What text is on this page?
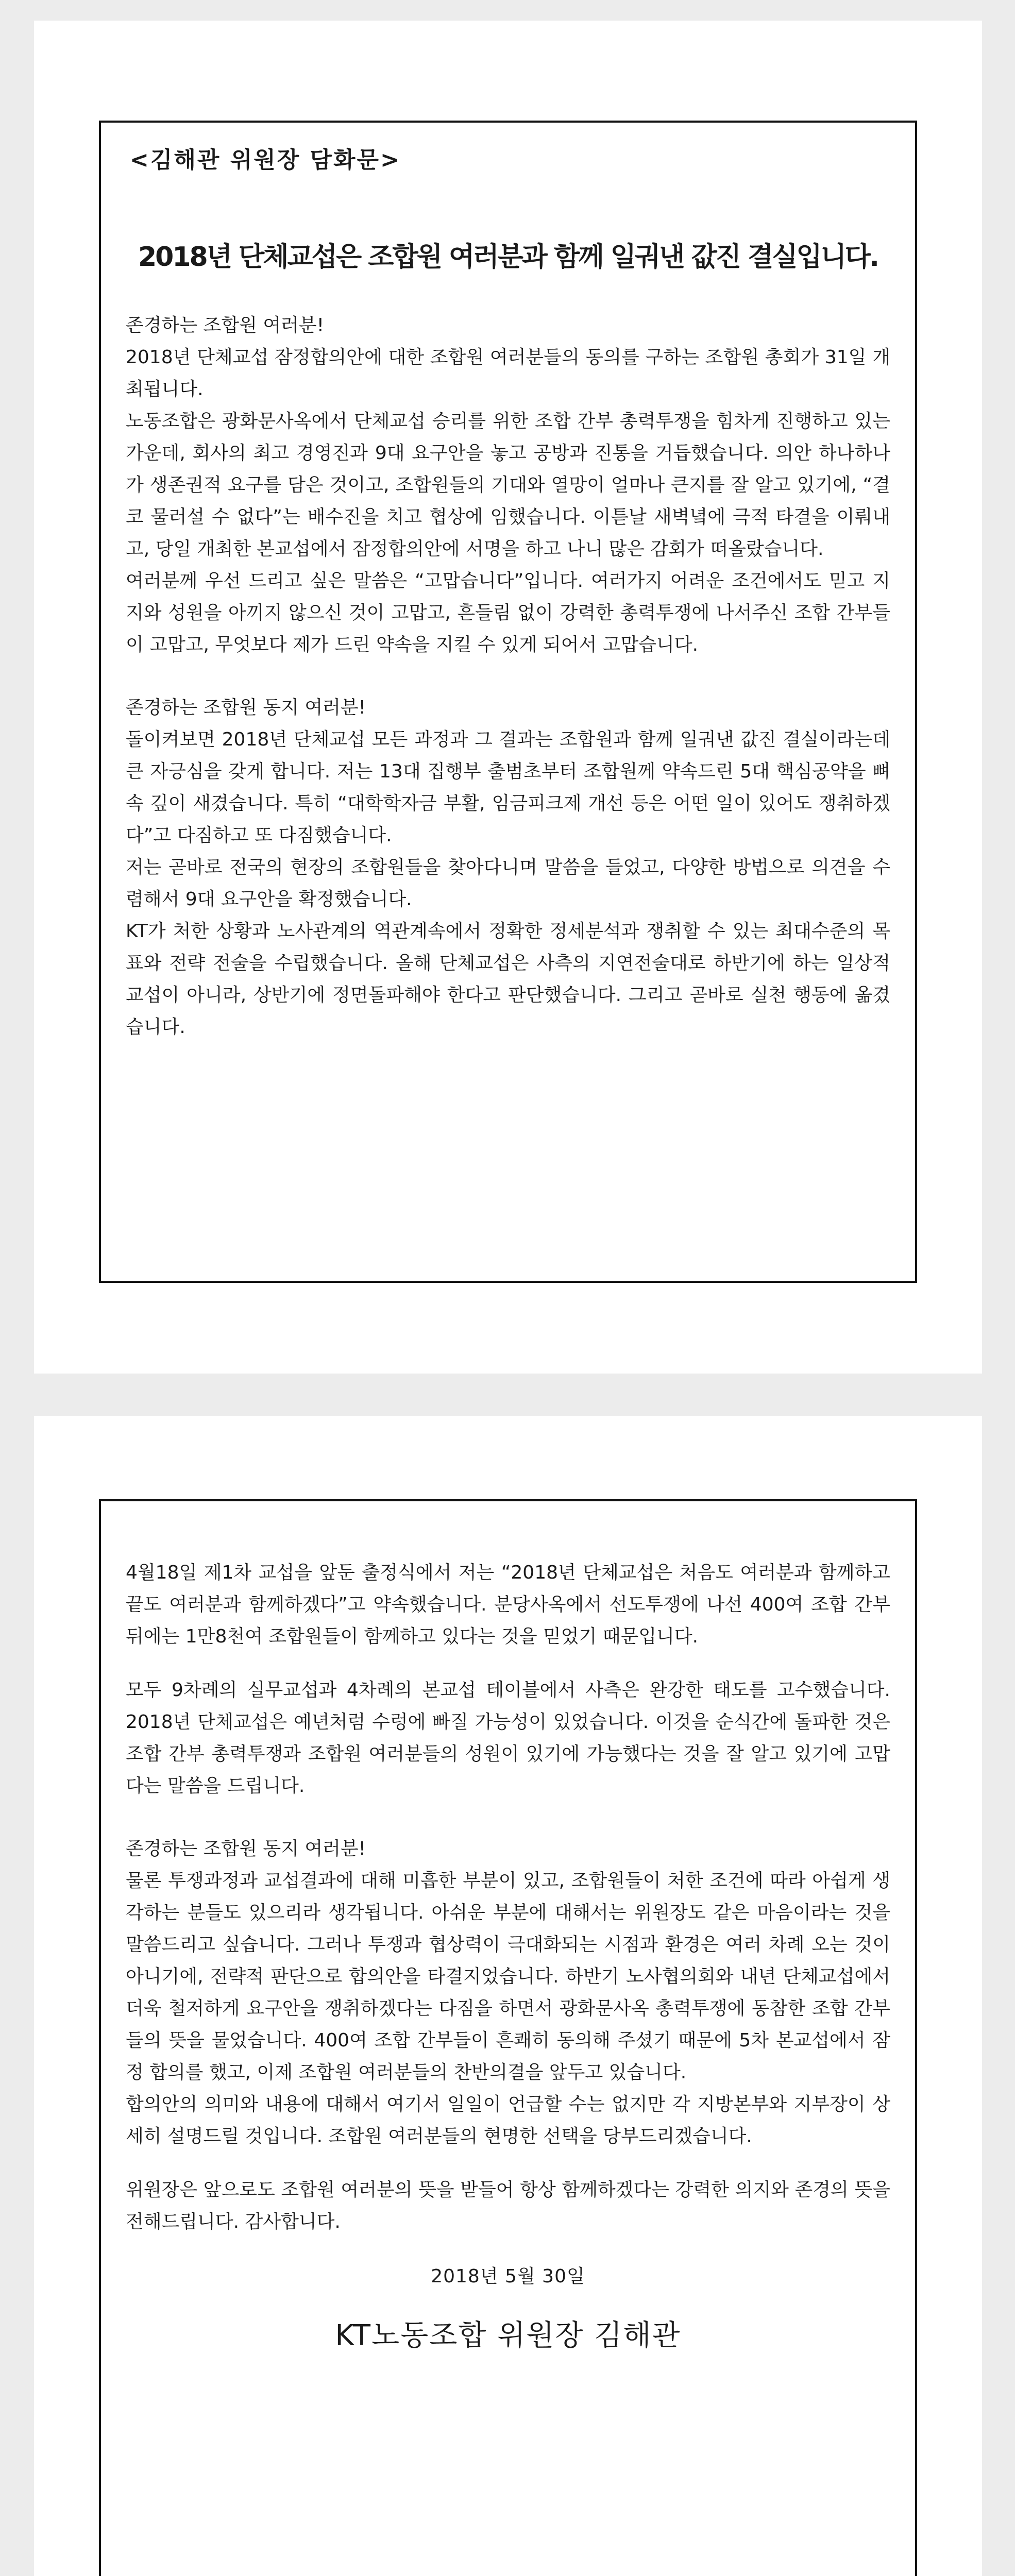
<김해관 위원장 담화문>
2018년 단체교섭은 조합원 여러분과 함께 일궈낸 값진 결실입니다.

존경하는 조합원 여러분!

2018년 단체교섭 잠정합의안에 대한 조합원 여러분들의 동의를 구하는 조합원 총회가 31일 개최됩니다.

노동조합은 광화문사옥에서 단체교섭 승리를 위한 조합 간부 총력투쟁을 힘차게 진행하고 있는 가운데, 회사의 최고 경영진과 9대 요구안을 놓고 공방과 진통을 거듭했습니다. 의안 하나하나가 생존권적 요구를 담은 것이고, 조합원들의 기대와 열망이 얼마나 큰지를 잘 알고 있기에, “결코 물러설 수 없다”는 배수진을 치고 협상에 임했습니다. 이튿날 새벽녘에 극적 타결을 이뤄내고, 당일 개최한 본교섭에서 잠정합의안에 서명을 하고 나니 많은 감회가 떠올랐습니다.

여러분께 우선 드리고 싶은 말씀은 “고맙습니다”입니다. 여러가지 어려운 조건에서도 믿고 지지와 성원을 아끼지 않으신 것이 고맙고, 흔들림 없이 강력한 총력투쟁에 나서주신 조합 간부들이 고맙고, 무엇보다 제가 드린 약속을 지킬 수 있게 되어서 고맙습니다.

존경하는 조합원 동지 여러분!

돌이켜보면 2018년 단체교섭 모든 과정과 그 결과는 조합원과 함께 일궈낸 값진 결실이라는데 큰 자긍심을 갖게 합니다. 저는 13대 집행부 출범초부터 조합원께 약속드린 5대 핵심공약을 뼈속 깊이 새겼습니다. 특히 “대학학자금 부활, 임금피크제 개선 등은 어떤 일이 있어도 쟁취하겠다”고 다짐하고 또 다짐했습니다.

저는 곧바로 전국의 현장의 조합원들을 찾아다니며 말씀을 들었고, 다양한 방법으로 의견을 수렴해서 9대 요구안을 확정했습니다.

KT가 처한 상황과 노사관계의 역관계속에서 정확한 정세분석과 쟁취할 수 있는 최대수준의 목표와 전략 전술을 수립했습니다. 올해 단체교섭은 사측의 지연전술대로 하반기에 하는 일상적 교섭이 아니라, 상반기에 정면돌파해야 한다고 판단했습니다. 그리고 곧바로 실천 행동에 옮겼습니다.

4월18일 제1차 교섭을 앞둔 출정식에서 저는 “2018년 단체교섭은 처음도 여러분과 함께하고 끝도 여러분과 함께하겠다”고 약속했습니다. 분당사옥에서 선도투쟁에 나선 400여 조합 간부 뒤에는 1만8천여 조합원들이 함께하고 있다는 것을 믿었기 때문입니다.

모두 9차례의 실무교섭과 4차례의 본교섭 테이블에서 사측은 완강한 태도를 고수했습니다. 2018년 단체교섭은 예년처럼 수렁에 빠질 가능성이 있었습니다. 이것을 순식간에 돌파한 것은 조합 간부 총력투쟁과 조합원 여러분들의 성원이 있기에 가능했다는 것을 잘 알고 있기에 고맙다는 말씀을 드립니다.

존경하는 조합원 동지 여러분!

물론 투쟁과정과 교섭결과에 대해 미흡한 부분이 있고, 조합원들이 처한 조건에 따라 아쉽게 생각하는 분들도 있으리라 생각됩니다. 아쉬운 부분에 대해서는 위원장도 같은 마음이라는 것을 말씀드리고 싶습니다. 그러나 투쟁과 협상력이 극대화되는 시점과 환경은 여러 차례 오는 것이 아니기에, 전략적 판단으로 합의안을 타결지었습니다. 하반기 노사협의회와 내년 단체교섭에서 더욱 철저하게 요구안을 쟁취하겠다는 다짐을 하면서 광화문사옥 총력투쟁에 동참한 조합 간부들의 뜻을 물었습니다. 400여 조합 간부들이 흔쾌히 동의해 주셨기 때문에 5차 본교섭에서 잠정 합의를 했고, 이제 조합원 여러분들의 찬반의결을 앞두고 있습니다.

합의안의 의미와 내용에 대해서 여기서 일일이 언급할 수는 없지만 각 지방본부와 지부장이 상세히 설명드릴 것입니다. 조합원 여러분들의 현명한 선택을 당부드리겠습니다.

위원장은 앞으로도 조합원 여러분의 뜻을 받들어 항상 함께하겠다는 강력한 의지와 존경의 뜻을 전해드립니다. 감사합니다.

2018년 5월 30일
KT노동조합 위원장 김해관
